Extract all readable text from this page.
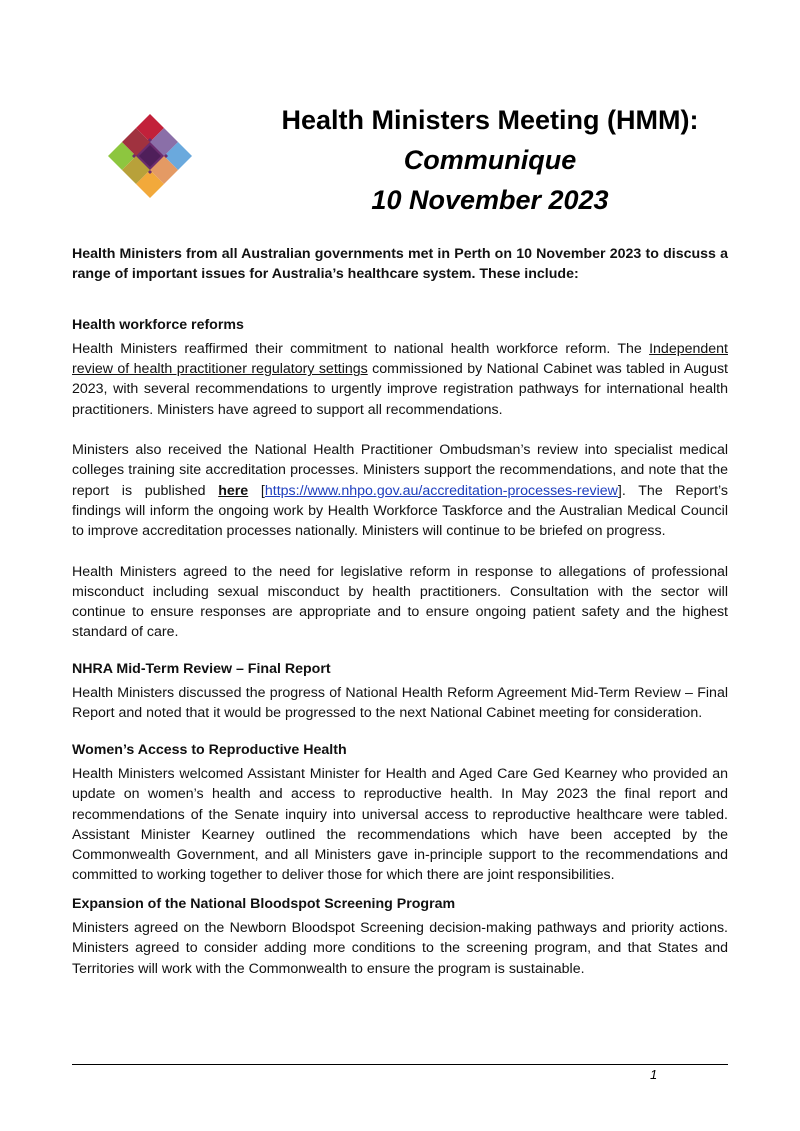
Health Ministers Meeting (HMM):
Communique
10 November 2023

Health Ministers from all Australian governments met in Perth on 10 November 2023 to discuss a range of important issues for Australia’s healthcare system. These include:

Health workforce reforms

Health Ministers reaffirmed their commitment to national health workforce reform. The Independent review of health practitioner regulatory settings commissioned by National Cabinet was tabled in August 2023, with several recommendations to urgently improve registration pathways for international health practitioners. Ministers have agreed to support all recommendations.

Ministers also received the National Health Practitioner Ombudsman’s review into specialist medical colleges training site accreditation processes. Ministers support the recommendations, and note that the report is published here [https://www.nhpo.gov.au/accreditation-processes-review]. The Report’s findings will inform the ongoing work by Health Workforce Taskforce and the Australian Medical Council to improve accreditation processes nationally. Ministers will continue to be briefed on progress.

Health Ministers agreed to the need for legislative reform in response to allegations of professional misconduct including sexual misconduct by health practitioners. Consultation with the sector will continue to ensure responses are appropriate and to ensure ongoing patient safety and the highest standard of care.

NHRA Mid-Term Review – Final Report

Health Ministers discussed the progress of National Health Reform Agreement Mid-Term Review – Final Report and noted that it would be progressed to the next National Cabinet meeting for consideration.

Women’s Access to Reproductive Health

Health Ministers welcomed Assistant Minister for Health and Aged Care Ged Kearney who provided an update on women’s health and access to reproductive health. In May 2023 the final report and recommendations of the Senate inquiry into universal access to reproductive healthcare were tabled. Assistant Minister Kearney outlined the recommendations which have been accepted by the Commonwealth Government, and all Ministers gave in-principle support to the recommendations and committed to working together to deliver those for which there are joint responsibilities.

Expansion of the National Bloodspot Screening Program

Ministers agreed on the Newborn Bloodspot Screening decision-making pathways and priority actions. Ministers agreed to consider adding more conditions to the screening program, and that States and Territories will work with the Commonwealth to ensure the program is sustainable.

1
